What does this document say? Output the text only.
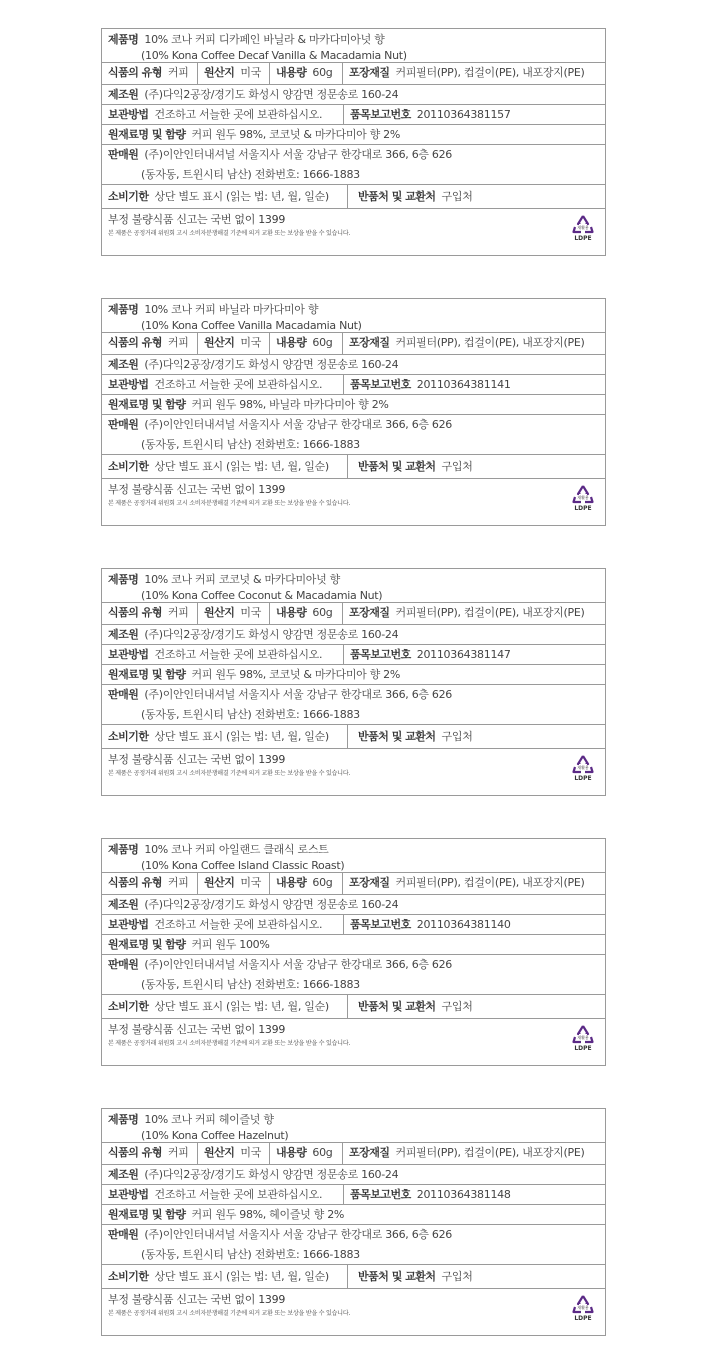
제품명 10% 코나 커피 디카페인 바닐라 & 마카다미아넛 향
(10% Kona Coffee Decaf Vanilla & Macadamia Nut)
식품의 유형 커피	원산지 미국	내용량 60g	포장재질 커피필터(PP), 컵걸이(PE), 내포장지(PE)
제조원 (주)다익2공장/경기도 화성시 양감면 정문송로 160-24
보관방법 건조하고 서늘한 곳에 보관하십시오.	품목보고번호 20110364381157
원재료명 및 함량 커피 원두 98%, 코코넛 & 마카다미아 향 2%
판매원 (주)이안인터내셔널 서울지사 서울 강남구 한강대로 366, 6층 626
(동자동, 트윈시티 남산) 전화번호: 1666-1883
소비기한 상단 별도 표시 (읽는 법: 년, 월, 일순)	반품처 및 교환처 구입처
부정 불량식품 신고는 국번 없이 1399
본 제품은 공정거래 위원회 고시 소비자분쟁해결 기준에 의거 교환 또는 보상을 받을 수 있습니다.
재활용
LDPE
제품명 10% 코나 커피 바닐라 마카다미아 향
(10% Kona Coffee Vanilla Macadamia Nut)
식품의 유형 커피	원산지 미국	내용량 60g	포장재질 커피필터(PP), 컵걸이(PE), 내포장지(PE)
제조원 (주)다익2공장/경기도 화성시 양감면 정문송로 160-24
보관방법 건조하고 서늘한 곳에 보관하십시오.	품목보고번호 20110364381141
원재료명 및 함량 커피 원두 98%, 바닐라 마카다미아 향 2%
판매원 (주)이안인터내셔널 서울지사 서울 강남구 한강대로 366, 6층 626
(동자동, 트윈시티 남산) 전화번호: 1666-1883
소비기한 상단 별도 표시 (읽는 법: 년, 월, 일순)	반품처 및 교환처 구입처
부정 불량식품 신고는 국번 없이 1399
본 제품은 공정거래 위원회 고시 소비자분쟁해결 기준에 의거 교환 또는 보상을 받을 수 있습니다.
재활용
LDPE
제품명 10% 코나 커피 코코넛 & 마카다미아넛 향
(10% Kona Coffee Coconut & Macadamia Nut)
식품의 유형 커피	원산지 미국	내용량 60g	포장재질 커피필터(PP), 컵걸이(PE), 내포장지(PE)
제조원 (주)다익2공장/경기도 화성시 양감면 정문송로 160-24
보관방법 건조하고 서늘한 곳에 보관하십시오.	품목보고번호 20110364381147
원재료명 및 함량 커피 원두 98%, 코코넛 & 마카다미아 향 2%
판매원 (주)이안인터내셔널 서울지사 서울 강남구 한강대로 366, 6층 626
(동자동, 트윈시티 남산) 전화번호: 1666-1883
소비기한 상단 별도 표시 (읽는 법: 년, 월, 일순)	반품처 및 교환처 구입처
부정 불량식품 신고는 국번 없이 1399
본 제품은 공정거래 위원회 고시 소비자분쟁해결 기준에 의거 교환 또는 보상을 받을 수 있습니다.
재활용
LDPE
제품명 10% 코나 커피 아일랜드 클래식 로스트
(10% Kona Coffee Island Classic Roast)
식품의 유형 커피	원산지 미국	내용량 60g	포장재질 커피필터(PP), 컵걸이(PE), 내포장지(PE)
제조원 (주)다익2공장/경기도 화성시 양감면 정문송로 160-24
보관방법 건조하고 서늘한 곳에 보관하십시오.	품목보고번호 20110364381140
원재료명 및 함량 커피 원두 100%
판매원 (주)이안인터내셔널 서울지사 서울 강남구 한강대로 366, 6층 626
(동자동, 트윈시티 남산) 전화번호: 1666-1883
소비기한 상단 별도 표시 (읽는 법: 년, 월, 일순)	반품처 및 교환처 구입처
부정 불량식품 신고는 국번 없이 1399
본 제품은 공정거래 위원회 고시 소비자분쟁해결 기준에 의거 교환 또는 보상을 받을 수 있습니다.
재활용
LDPE
제품명 10% 코나 커피 헤이즐넛 향
(10% Kona Coffee Hazelnut)
식품의 유형 커피	원산지 미국	내용량 60g	포장재질 커피필터(PP), 컵걸이(PE), 내포장지(PE)
제조원 (주)다익2공장/경기도 화성시 양감면 정문송로 160-24
보관방법 건조하고 서늘한 곳에 보관하십시오.	품목보고번호 20110364381148
원재료명 및 함량 커피 원두 98%, 헤이즐넛 향 2%
판매원 (주)이안인터내셔널 서울지사 서울 강남구 한강대로 366, 6층 626
(동자동, 트윈시티 남산) 전화번호: 1666-1883
소비기한 상단 별도 표시 (읽는 법: 년, 월, 일순)	반품처 및 교환처 구입처
부정 불량식품 신고는 국번 없이 1399
본 제품은 공정거래 위원회 고시 소비자분쟁해결 기준에 의거 교환 또는 보상을 받을 수 있습니다.
재활용
LDPE
